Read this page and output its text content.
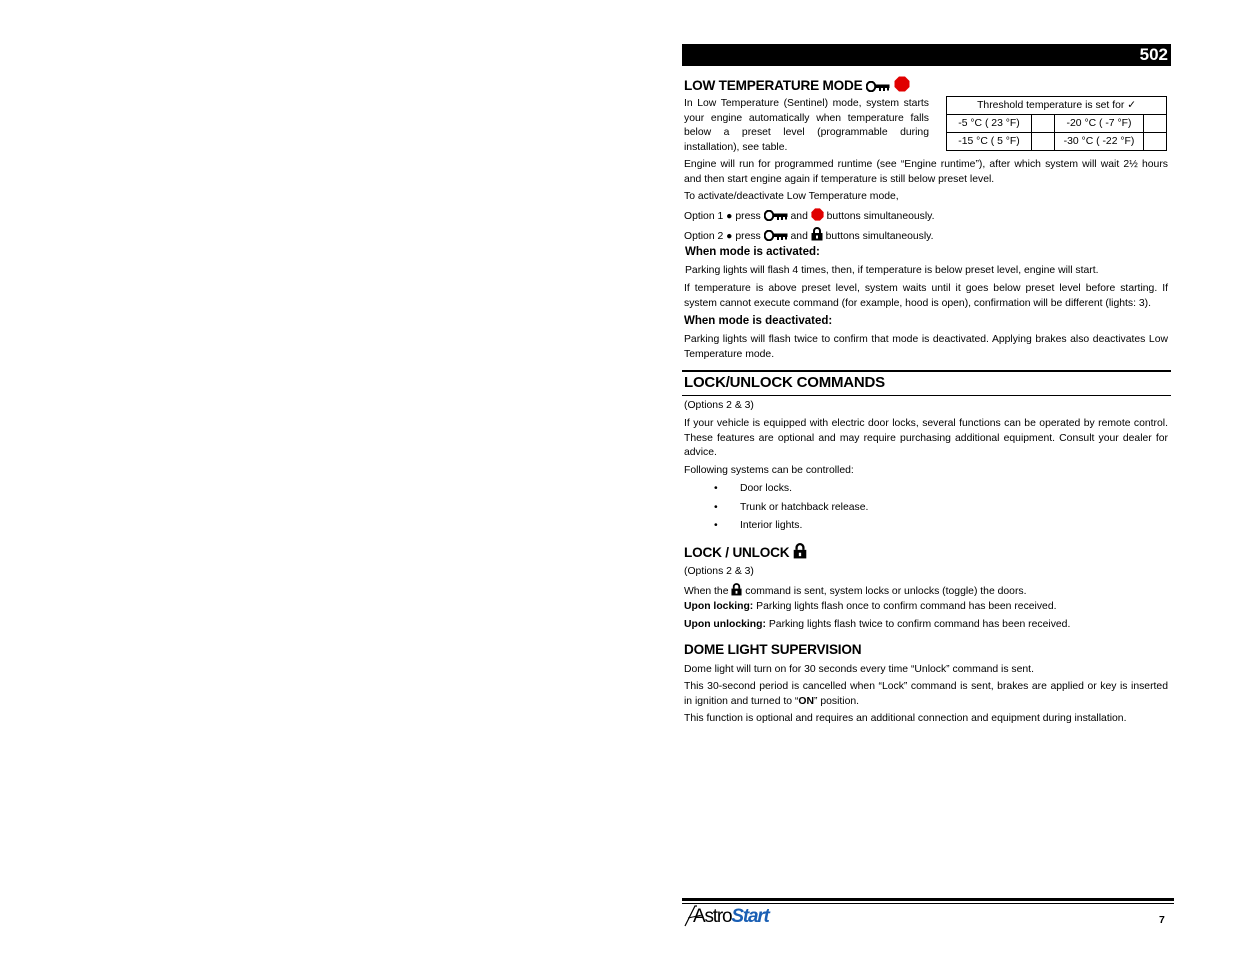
502
LOW TEMPERATURE MODE

In Low Temperature (Sentinel) mode, system starts your engine automatically when temperature falls below a preset level (programmable during installation), see table.

Threshold temperature is set for ✓			
-5 °C ( 23 °F)		-20 °C ( -7 °F)	
-15 °C ( 5 °F)		-30 °C ( -22 °F)	

Engine will run for programmed runtime (see “Engine runtime”), after which system will wait 2½ hours and then start engine again if temperature is still below preset level.

To activate/deactivate Low Temperature mode,

Option 1 ● press	and buttons simultaneously.

Option 2 ● press	and buttons simultaneously.

When mode is activated:

Parking lights will flash 4 times, then, if temperature is below preset level, engine will start.

If temperature is above preset level, system waits until it goes below preset level before starting. If system cannot execute command (for example, hood is open), confirmation will be different (lights: 3).

When mode is deactivated:

Parking lights will flash twice to confirm that mode is deactivated. Applying brakes also deactivates Low Temperature mode.

LOCK/UNLOCK COMMANDS

(Options 2 & 3)

If your vehicle is equipped with electric door locks, several functions can be operated by remote control. These features are optional and may require purchasing additional equipment. Consult your dealer for advice.

Following systems can be controlled:

• Door locks.
• Trunk or hatchback release.
• Interior lights.
LOCK / UNLOCK

(Options 2 & 3)

When the command is sent, system locks or unlocks (toggle) the doors.

Upon locking: Parking lights flash once to confirm command has been received.

Upon unlocking: Parking lights flash twice to confirm command has been received.

DOME LIGHT SUPERVISION

Dome light will turn on for 30 seconds every time “Unlock” command is sent.

This 30-second period is cancelled when “Lock” command is sent, brakes are applied or key is inserted in ignition and turned to “ON” position.

This function is optional and requires an additional connection and equipment during installation.

AstroStart	7
